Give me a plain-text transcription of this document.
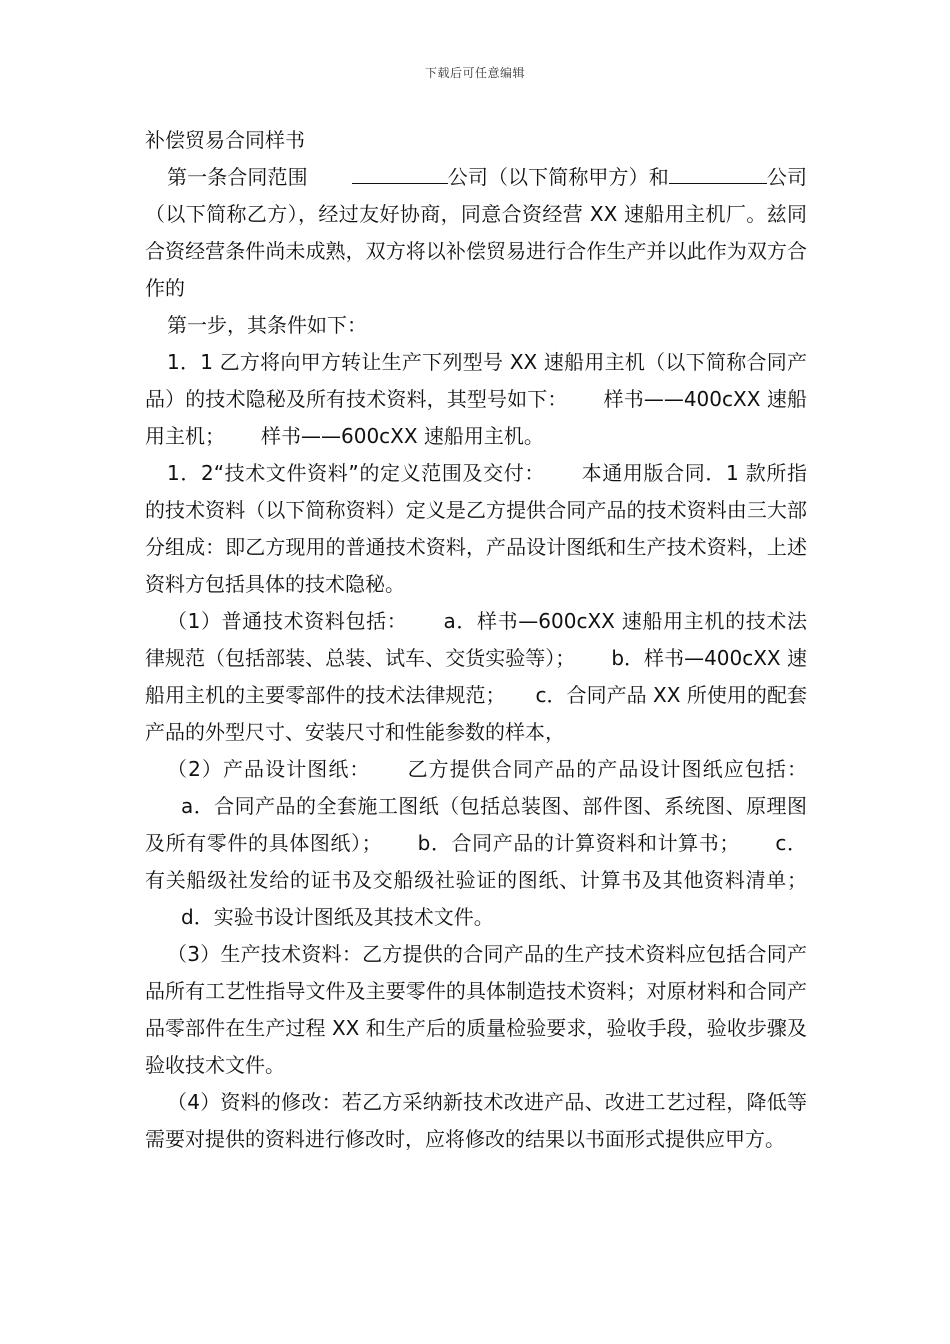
下载后可任意编辑
补偿贸易合同样书

第一条合同范围	公司（以下简称甲方）和	公司（以下简称乙方），经过友好协商，同意合资经营 XX 速船用主机厂。兹同合资经营条件尚未成熟，双方将以补偿贸易进行合作生产并以此作为双方合作的

第一步，其条件如下：

1．1 乙方将向甲方转让生产下列型号 XX 速船用主机（以下简称合同产品）的技术隐秘及所有技术资料，其型号如下： 样书——400cXX 速船用主机； 样书——600cXX 速船用主机。

1．2“技术文件资料”的定义范围及交付： 本通用版合同．1 款所指的技术资料（以下简称资料）定义是乙方提供合同产品的技术资料由三大部分组成：即乙方现用的普通技术资料，产品设计图纸和生产技术资料，上述资料方包括具体的技术隐秘。

（1）普通技术资料包括： a．样书—600cXX 速船用主机的技术法律规范（包括部装、总装、试车、交货实验等）； b．样书—400cXX 速船用主机的主要零部件的技术法律规范； c．合同产品 XX 所使用的配套产品的外型尺寸、安装尺寸和性能参数的样本，

（2）产品设计图纸： 乙方提供合同产品的产品设计图纸应包括：a．合同产品的全套施工图纸（包括总装图、部件图、系统图、原理图及所有零件的具体图纸）； b．合同产品的计算资料和计算书； c．有关船级社发给的证书及交船级社验证的图纸、计算书及其他资料清单；d．实验书设计图纸及其技术文件。

（3）生产技术资料：乙方提供的合同产品的生产技术资料应包括合同产品所有工艺性指导文件及主要零件的具体制造技术资料；对原材料和合同产品零部件在生产过程 XX 和生产后的质量检验要求，验收手段，验收步骤及验收技术文件。

（4）资料的修改：若乙方采纳新技术改进产品、改进工艺过程，降低等需要对提供的资料进行修改时，应将修改的结果以书面形式提供应甲方。
